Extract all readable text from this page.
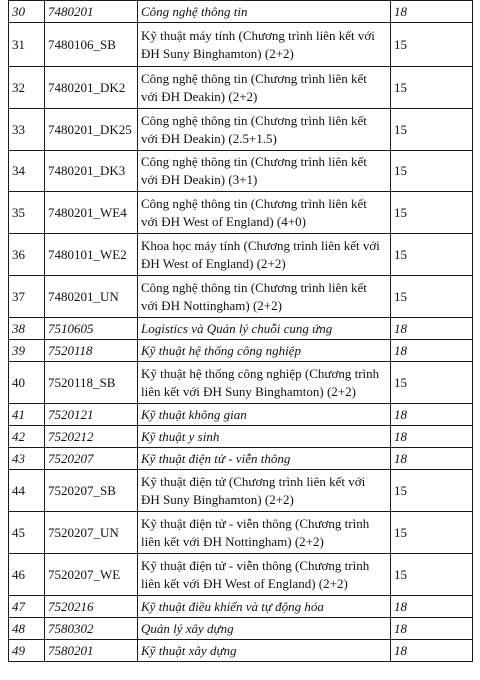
30	7480201	Công nghệ thông tin	18
31	7480106_SB	Kỹ thuật máy tính (Chương trình liên kết với ĐH Suny Binghamton) (2+2)	15
32	7480201_DK2	Công nghệ thông tin (Chương trình liên kết với ĐH Deakin) (2+2)	15
33	7480201_DK25	Công nghệ thông tin (Chương trình liên kết với ĐH Deakin) (2.5+1.5)	15
34	7480201_DK3	Công nghệ thông tin (Chương trình liên kết với ĐH Deakin) (3+1)	15
35	7480201_WE4	Công nghệ thông tin (Chương trình liên kết với ĐH West of England) (4+0)	15
36	7480101_WE2	Khoa học máy tính (Chương trình liên kết với ĐH West of England) (2+2)	15
37	7480201_UN	Công nghệ thông tin (Chương trình liên kết với ĐH Nottingham) (2+2)	15
38	7510605	Logistics và Quản lý chuỗi cung ứng	18
39	7520118	Kỹ thuật hệ thống công nghiệp	18
40	7520118_SB	Kỹ thuật hệ thống công nghiệp (Chương trình liên kết với ĐH Suny Binghamton) (2+2)	15
41	7520121	Kỹ thuật không gian	18
42	7520212	Kỹ thuật y sinh	18
43	7520207	Kỹ thuật điện tử - viễn thông	18
44	7520207_SB	Kỹ thuật điện tử (Chương trình liên kết với ĐH Suny Binghamton) (2+2)	15
45	7520207_UN	Kỹ thuật điện tử - viễn thông (Chương trình liên kết với ĐH Nottingham) (2+2)	15
46	7520207_WE	Kỹ thuật điện tử - viễn thông (Chương trình liên kết với ĐH West of England) (2+2)	15
47	7520216	Kỹ thuật điều khiển và tự động hóa	18
48	7580302	Quản lý xây dựng	18
49	7580201	Kỹ thuật xây dựng	18
